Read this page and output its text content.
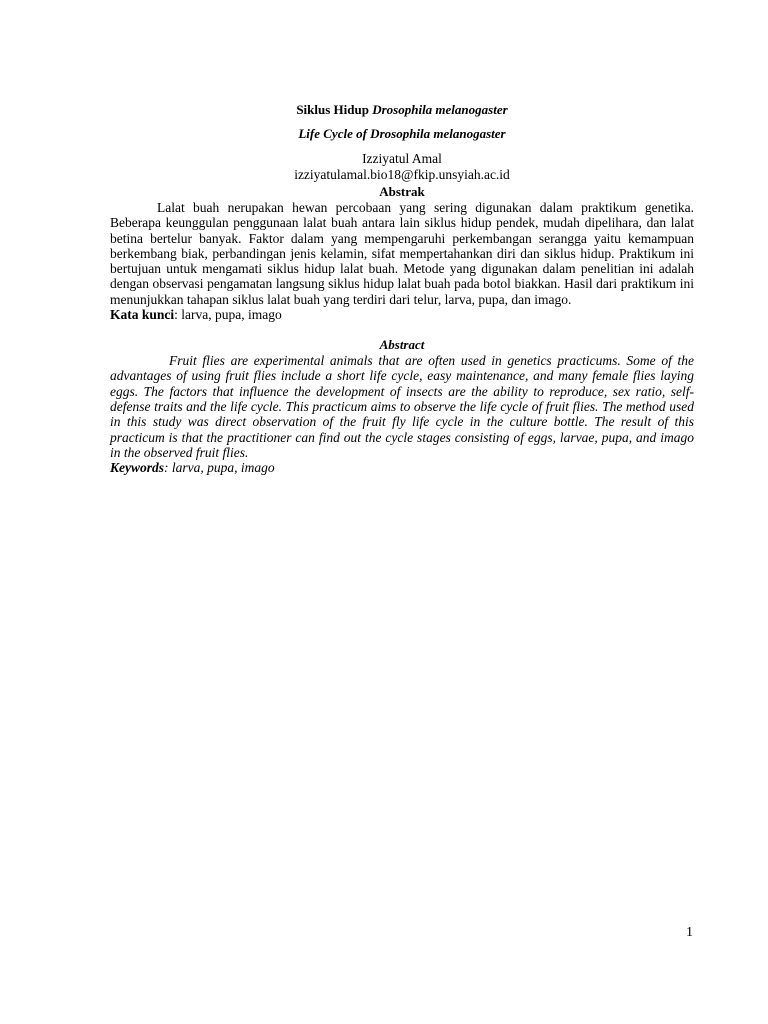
Siklus Hidup Drosophila melanogaster
Life Cycle of Drosophila melanogaster
Izziyatul Amal
izziyatulamal.bio18@fkip.unsyiah.ac.id
Abstrak

Lalat buah nerupakan hewan percobaan yang sering digunakan dalam praktikum genetika. Beberapa keunggulan penggunaan lalat buah antara lain siklus hidup pendek, mudah dipelihara, dan lalat betina bertelur banyak. Faktor dalam yang mempengaruhi perkembangan serangga yaitu kemampuan berkembang biak, perbandingan jenis kelamin, sifat mempertahankan diri dan siklus hidup. Praktikum ini bertujuan untuk mengamati siklus hidup lalat buah. Metode yang digunakan dalam penelitian ini adalah dengan observasi pengamatan langsung siklus hidup lalat buah pada botol biakkan. Hasil dari praktikum ini menunjukkan tahapan siklus lalat buah yang terdiri dari telur, larva, pupa, dan imago.

Kata kunci: larva, pupa, imago
Abstract

Fruit flies are experimental animals that are often used in genetics practicums. Some of the advantages of using fruit flies include a short life cycle, easy maintenance, and many female flies laying eggs. The factors that influence the development of insects are the ability to reproduce, sex ratio, self-defense traits and the life cycle. This practicum aims to observe the life cycle of fruit flies. The method used in this study was direct observation of the fruit fly life cycle in the culture bottle. The result of this practicum is that the practitioner can find out the cycle stages consisting of eggs, larvae, pupa, and imago in the observed fruit flies.

Keywords: larva, pupa, imago
1
